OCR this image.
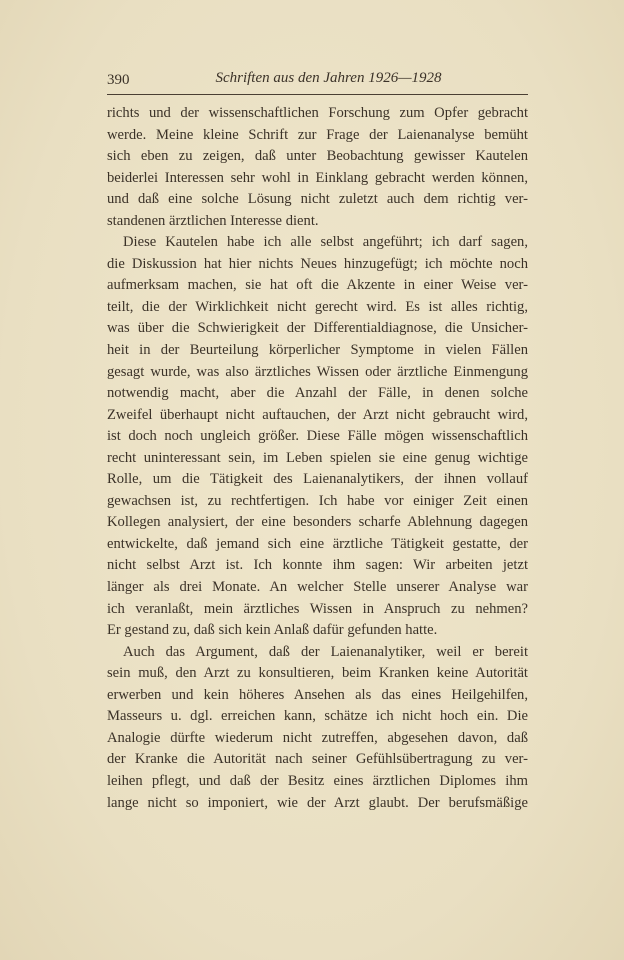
390	Schriften aus den Jahren 1926—1928
richts und der wissenschaftlichen Forschung zum Opfer gebracht
werde. Meine kleine Schrift zur Frage der Laienanalyse bemüht
sich eben zu zeigen, daß unter Beobachtung gewisser Kautelen
beiderlei Interessen sehr wohl in Einklang gebracht werden können,
und daß eine solche Lösung nicht zuletzt auch dem richtig ver-
standenen ärztlichen Interesse dient.
Diese Kautelen habe ich alle selbst angeführt; ich darf sagen,
die Diskussion hat hier nichts Neues hinzugefügt; ich möchte noch
aufmerksam machen, sie hat oft die Akzente in einer Weise ver-
teilt, die der Wirklichkeit nicht gerecht wird. Es ist alles richtig,
was über die Schwierigkeit der Differentialdiagnose, die Unsicher-
heit in der Beurteilung körperlicher Symptome in vielen Fällen
gesagt wurde, was also ärztliches Wissen oder ärztliche Einmengung
notwendig macht, aber die Anzahl der Fälle, in denen solche
Zweifel überhaupt nicht auftauchen, der Arzt nicht gebraucht wird,
ist doch noch ungleich größer. Diese Fälle mögen wissenschaftlich
recht uninteressant sein, im Leben spielen sie eine genug wichtige
Rolle, um die Tätigkeit des Laienanalytikers, der ihnen vollauf
gewachsen ist, zu rechtfertigen. Ich habe vor einiger Zeit einen
Kollegen analysiert, der eine besonders scharfe Ablehnung dagegen
entwickelte, daß jemand sich eine ärztliche Tätigkeit gestatte, der
nicht selbst Arzt ist. Ich konnte ihm sagen: Wir arbeiten jetzt
länger als drei Monate. An welcher Stelle unserer Analyse war
ich veranlaßt, mein ärztliches Wissen in Anspruch zu nehmen?
Er gestand zu, daß sich kein Anlaß dafür gefunden hatte.
Auch das Argument, daß der Laienanalytiker, weil er bereit
sein muß, den Arzt zu konsultieren, beim Kranken keine Autorität
erwerben und kein höheres Ansehen als das eines Heilgehilfen,
Masseurs u. dgl. erreichen kann, schätze ich nicht hoch ein. Die
Analogie dürfte wiederum nicht zutreffen, abgesehen davon, daß
der Kranke die Autorität nach seiner Gefühlsübertragung zu ver-
leihen pflegt, und daß der Besitz eines ärztlichen Diplomes ihm
lange nicht so imponiert, wie der Arzt glaubt. Der berufsmäßige
